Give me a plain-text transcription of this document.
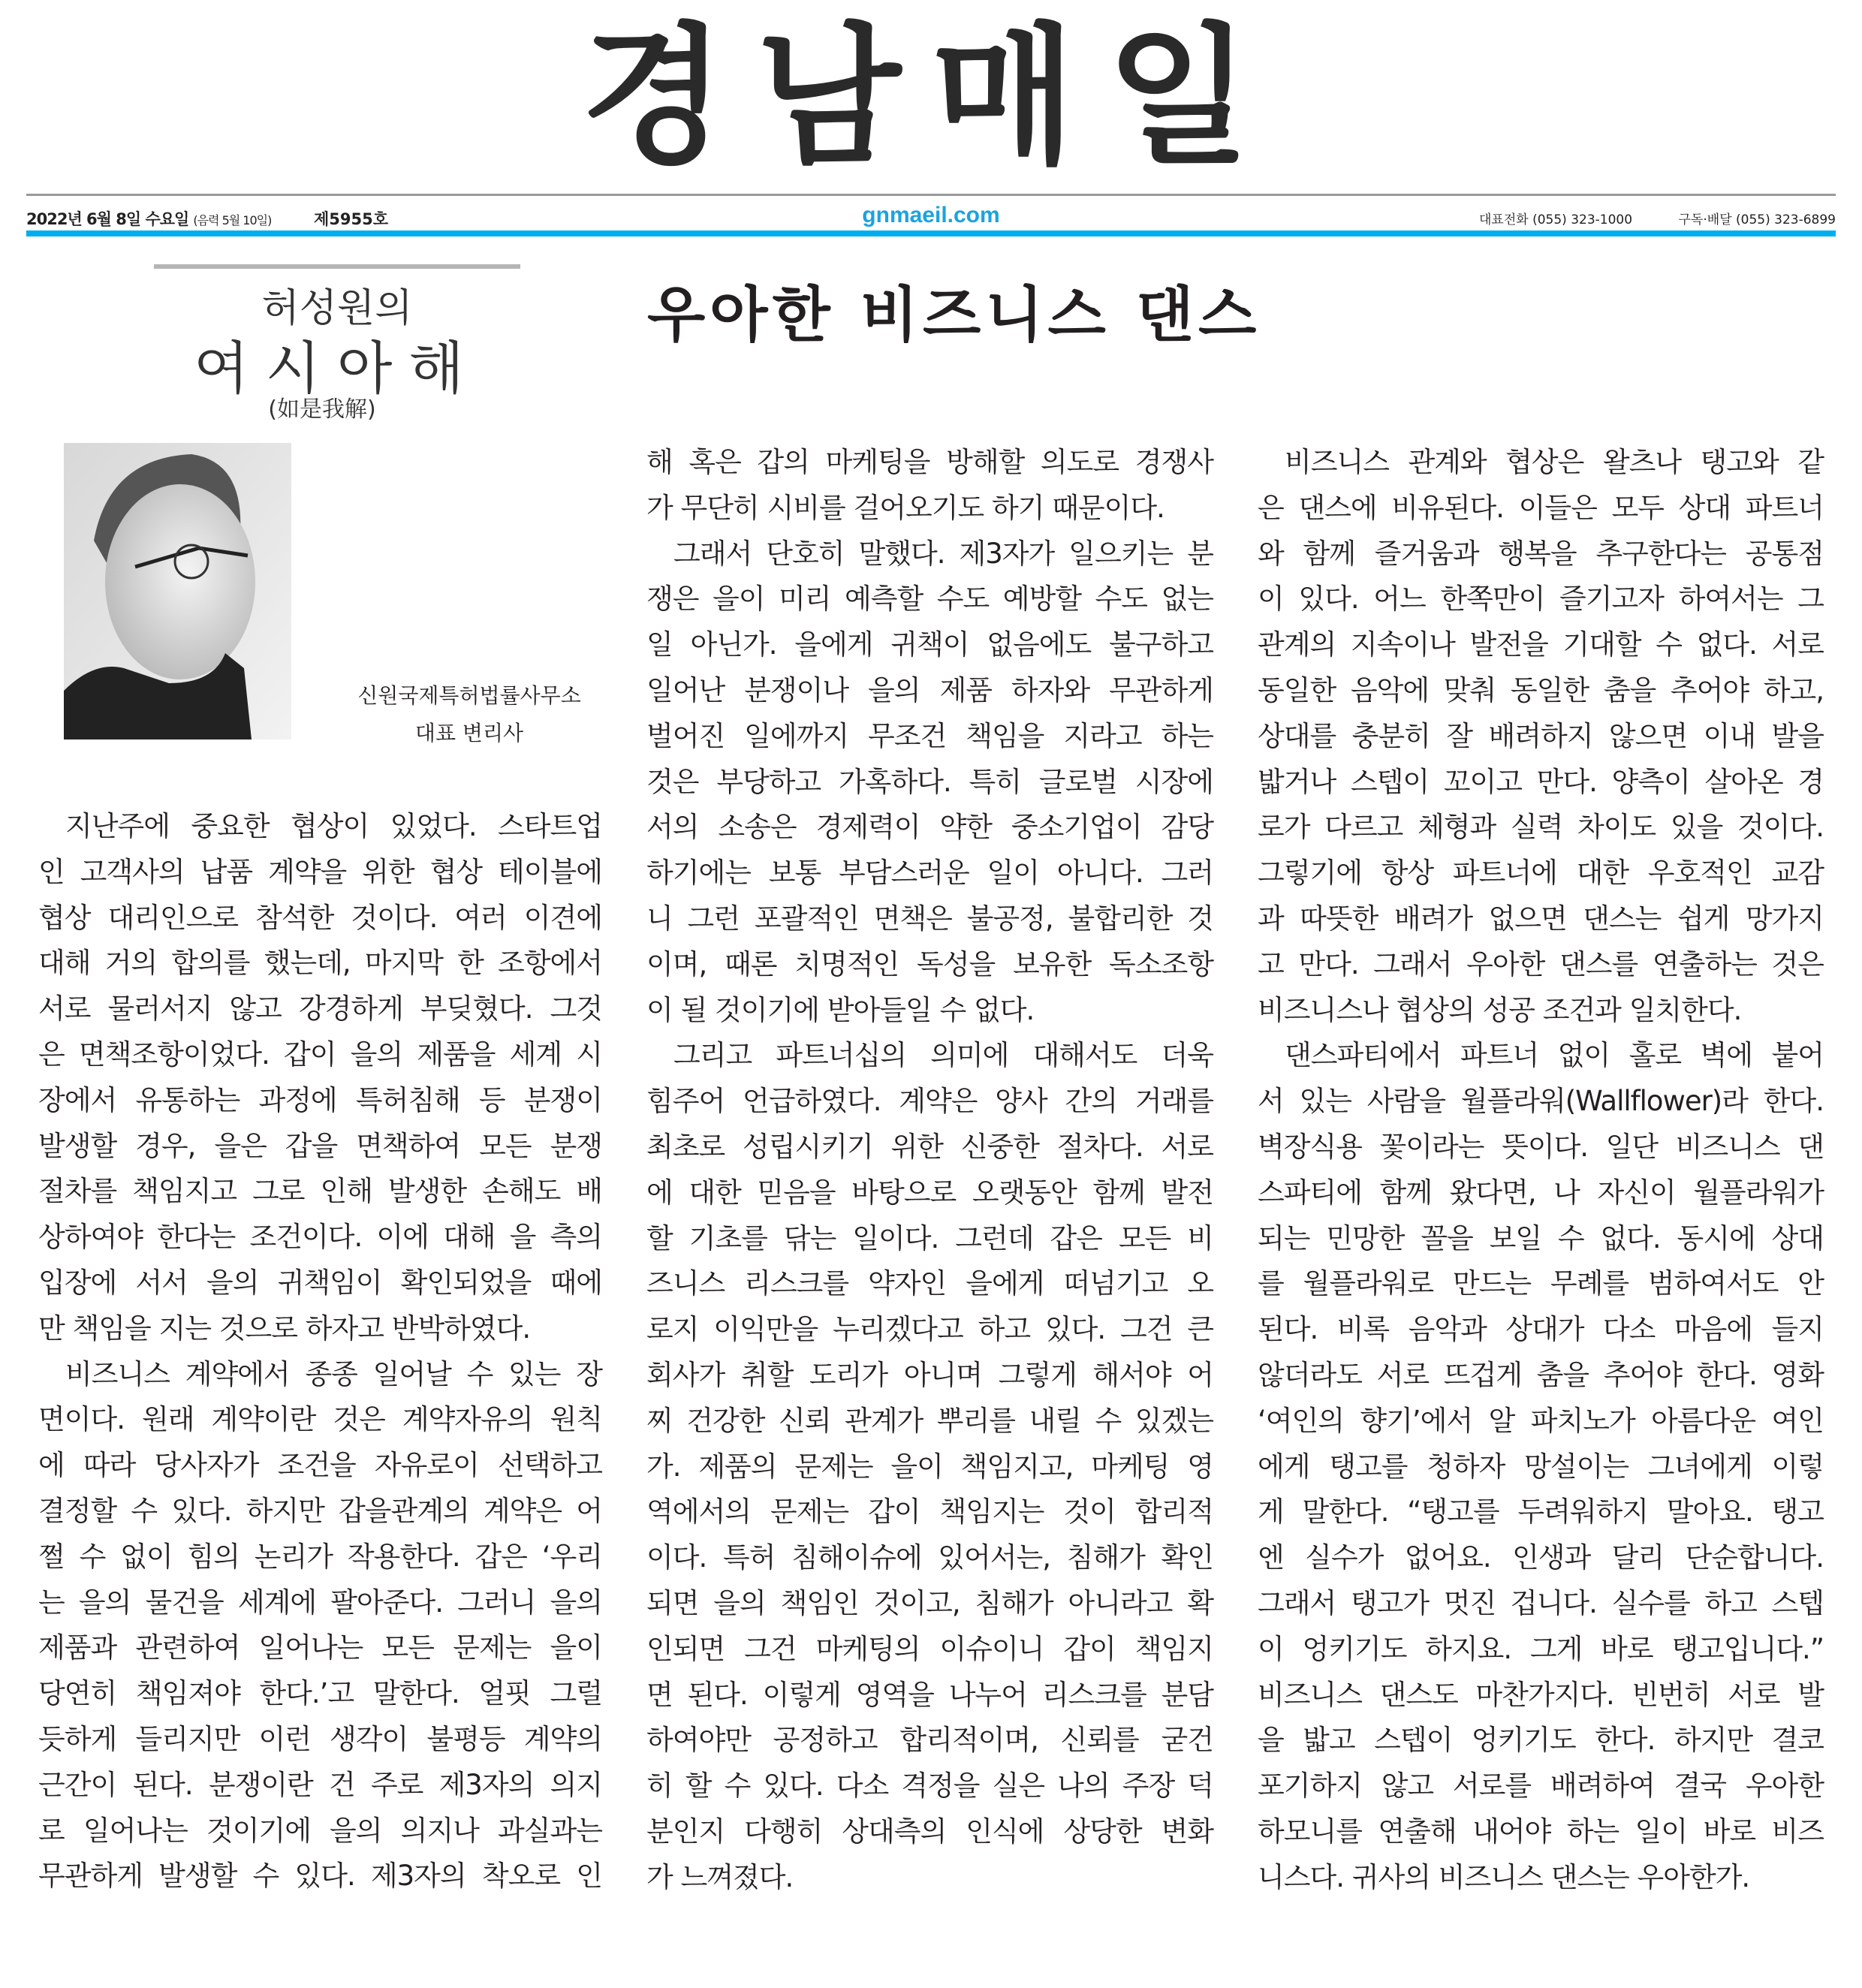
경남매일
2022년 6월 8일 수요일 (음력 5월 10일)	제5955호	gnmaeil.com	대표전화 (055) 323-1000	구독·배달 (055) 323-6899
허성원의
여시아해
(如是我解)
신원국제특허법률사무소
대표 변리사
우아한 비즈니스 댄스
지난주에 중요한 협상이 있었다. 스타트업
인 고객사의 납품 계약을 위한 협상 테이블에
협상 대리인으로 참석한 것이다. 여러 이견에
대해 거의 합의를 했는데, 마지막 한 조항에서
서로 물러서지 않고 강경하게 부딪혔다. 그것
은 면책조항이었다. 갑이 을의 제품을 세계 시
장에서 유통하는 과정에 특허침해 등 분쟁이
발생할 경우, 을은 갑을 면책하여 모든 분쟁
절차를 책임지고 그로 인해 발생한 손해도 배
상하여야 한다는 조건이다. 이에 대해 을 측의
입장에 서서 을의 귀책임이 확인되었을 때에
만 책임을 지는 것으로 하자고 반박하였다.
비즈니스 계약에서 종종 일어날 수 있는 장
면이다. 원래 계약이란 것은 계약자유의 원칙
에 따라 당사자가 조건을 자유로이 선택하고
결정할 수 있다. 하지만 갑을관계의 계약은 어
쩔 수 없이 힘의 논리가 작용한다. 갑은 ‘우리
는 을의 물건을 세계에 팔아준다. 그러니 을의
제품과 관련하여 일어나는 모든 문제는 을이
당연히 책임져야 한다.’고 말한다. 얼핏 그럴
듯하게 들리지만 이런 생각이 불평등 계약의
근간이 된다. 분쟁이란 건 주로 제3자의 의지
로 일어나는 것이기에 을의 의지나 과실과는
무관하게 발생할 수 있다. 제3자의 착오로 인
해 혹은 갑의 마케팅을 방해할 의도로 경쟁사
가 무단히 시비를 걸어오기도 하기 때문이다.
그래서 단호히 말했다. 제3자가 일으키는 분
쟁은 을이 미리 예측할 수도 예방할 수도 없는
일 아닌가. 을에게 귀책이 없음에도 불구하고
일어난 분쟁이나 을의 제품 하자와 무관하게
벌어진 일에까지 무조건 책임을 지라고 하는
것은 부당하고 가혹하다. 특히 글로벌 시장에
서의 소송은 경제력이 약한 중소기업이 감당
하기에는 보통 부담스러운 일이 아니다. 그러
니 그런 포괄적인 면책은 불공정, 불합리한 것
이며, 때론 치명적인 독성을 보유한 독소조항
이 될 것이기에 받아들일 수 없다.
그리고 파트너십의 의미에 대해서도 더욱
힘주어 언급하였다. 계약은 양사 간의 거래를
최초로 성립시키기 위한 신중한 절차다. 서로
에 대한 믿음을 바탕으로 오랫동안 함께 발전
할 기초를 닦는 일이다. 그런데 갑은 모든 비
즈니스 리스크를 약자인 을에게 떠넘기고 오
로지 이익만을 누리겠다고 하고 있다. 그건 큰
회사가 취할 도리가 아니며 그렇게 해서야 어
찌 건강한 신뢰 관계가 뿌리를 내릴 수 있겠는
가. 제품의 문제는 을이 책임지고, 마케팅 영
역에서의 문제는 갑이 책임지는 것이 합리적
이다. 특허 침해이슈에 있어서는, 침해가 확인
되면 을의 책임인 것이고, 침해가 아니라고 확
인되면 그건 마케팅의 이슈이니 갑이 책임지
면 된다. 이렇게 영역을 나누어 리스크를 분담
하여야만 공정하고 합리적이며, 신뢰를 굳건
히 할 수 있다. 다소 격정을 실은 나의 주장 덕
분인지 다행히 상대측의 인식에 상당한 변화
가 느껴졌다.
비즈니스 관계와 협상은 왈츠나 탱고와 같
은 댄스에 비유된다. 이들은 모두 상대 파트너
와 함께 즐거움과 행복을 추구한다는 공통점
이 있다. 어느 한쪽만이 즐기고자 하여서는 그
관계의 지속이나 발전을 기대할 수 없다. 서로
동일한 음악에 맞춰 동일한 춤을 추어야 하고,
상대를 충분히 잘 배려하지 않으면 이내 발을
밟거나 스텝이 꼬이고 만다. 양측이 살아온 경
로가 다르고 체형과 실력 차이도 있을 것이다.
그렇기에 항상 파트너에 대한 우호적인 교감
과 따뜻한 배려가 없으면 댄스는 쉽게 망가지
고 만다. 그래서 우아한 댄스를 연출하는 것은
비즈니스나 협상의 성공 조건과 일치한다.
댄스파티에서 파트너 없이 홀로 벽에 붙어
서 있는 사람을 월플라워(Wallflower)라 한다.
벽장식용 꽃이라는 뜻이다. 일단 비즈니스 댄
스파티에 함께 왔다면, 나 자신이 월플라워가
되는 민망한 꼴을 보일 수 없다. 동시에 상대
를 월플라워로 만드는 무례를 범하여서도 안
된다. 비록 음악과 상대가 다소 마음에 들지
않더라도 서로 뜨겁게 춤을 추어야 한다. 영화
‘여인의 향기’에서 알 파치노가 아름다운 여인
에게 탱고를 청하자 망설이는 그녀에게 이렇
게 말한다. “탱고를 두려워하지 말아요. 탱고
엔 실수가 없어요. 인생과 달리 단순합니다.
그래서 탱고가 멋진 겁니다. 실수를 하고 스텝
이 엉키기도 하지요. 그게 바로 탱고입니다.”
비즈니스 댄스도 마찬가지다. 빈번히 서로 발
을 밟고 스텝이 엉키기도 한다. 하지만 결코
포기하지 않고 서로를 배려하여 결국 우아한
하모니를 연출해 내어야 하는 일이 바로 비즈
니스다. 귀사의 비즈니스 댄스는 우아한가.
